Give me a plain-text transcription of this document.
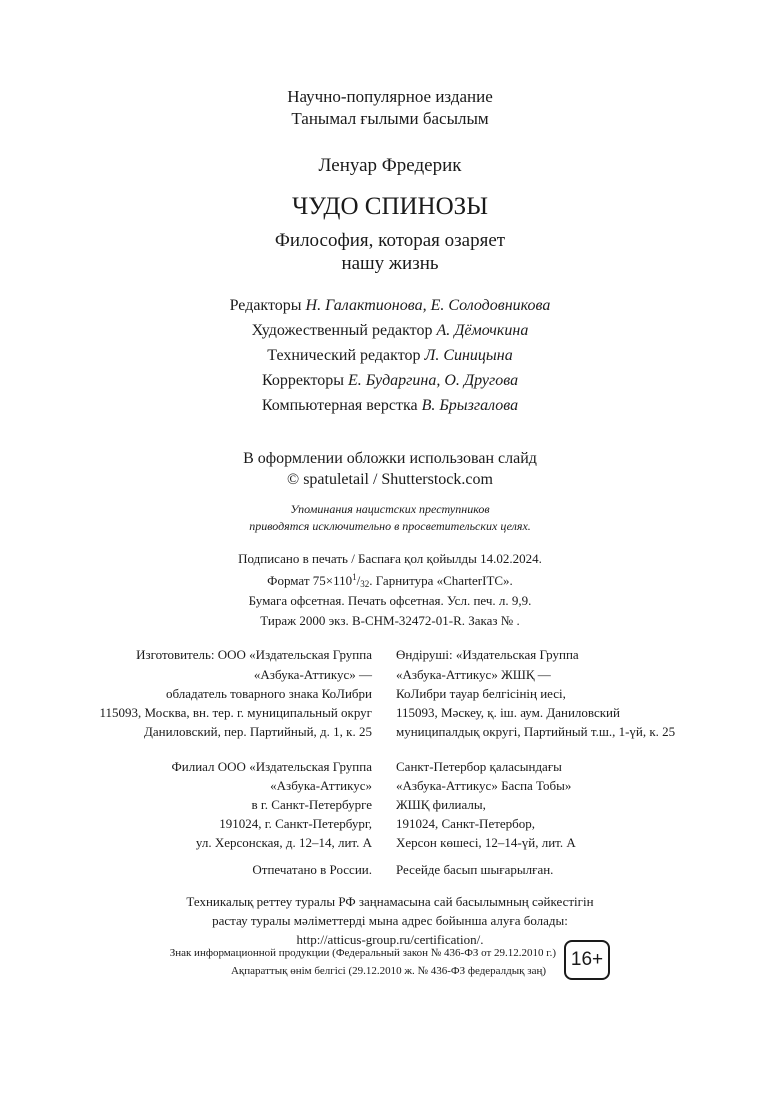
Научно-популярное издание
Танымал ғылыми басылым
Ленуар Фредерик
ЧУДО СПИНОЗЫ
Философия, которая озаряет
нашу жизнь
Редакторы Н. Галактионова, Е. Солодовникова
Художественный редактор А. Дёмочкина
Технический редактор Л. Синицына
Корректоры Е. Бударгина, О. Другова
Компьютерная верстка В. Брызгалова
В оформлении обложки использован слайд
© spatuletail / Shutterstock.com
Упоминания нацистских преступников
приводятся исключительно в просветительских целях.
Подписано в печать / Баспаға қол қойылды 14.02.2024.
Формат $75\times 110^1/_{32}$. Гарнитура «CharterITC».
Бумага офсетная. Печать офсетная. Усл. печ. л. 9,9.
Тираж 2000 экз. В-CHM-32472-01-R. Заказ № .
Изготовитель: ООО «Издательская Группа
«Азбука-Аттикус» —
обладатель товарного знака КоЛибри
115093, Москва, вн. тер. г. муниципальный округ
Даниловский, пер. Партийный, д. 1, к. 25
Өндіруші: «Издательская Группа
«Азбука-Аттикус» ЖШҚ —
КоЛибри тауар белгісінің иесі,
115093, Мәскеу, қ. іш. аум. Даниловский
муниципалдық округі, Партийный т.ш., 1-үй, к. 25
Филиал ООО «Издательская Группа
«Азбука-Аттикус»
в г. Санкт-Петербурге
191024, г. Санкт-Петербург,
ул. Херсонская, д. 12–14, лит. А
Санкт-Петербор қаласындағы
«Азбука-Аттикус» Баспа Тобы»
ЖШҚ филиалы,
191024, Санкт-Петербор,
Херсон көшесі, 12–14-үй, лит. А
Отпечатано в России. Ресейде басып шығарылған.
Техникалық реттеу туралы РФ заңнамасына сай басылымның сәйкестігін
растау туралы мәліметтерді мына адрес бойынша алуға болады:
http://atticus-group.ru/certification/.
Знак информационной продукции (Федеральный закон № 436-ФЗ от 29.12.2010 г.)
Ақпараттық өнім белгісі (29.12.2010 ж. № 436-ФЗ федералдық заң)
16+
